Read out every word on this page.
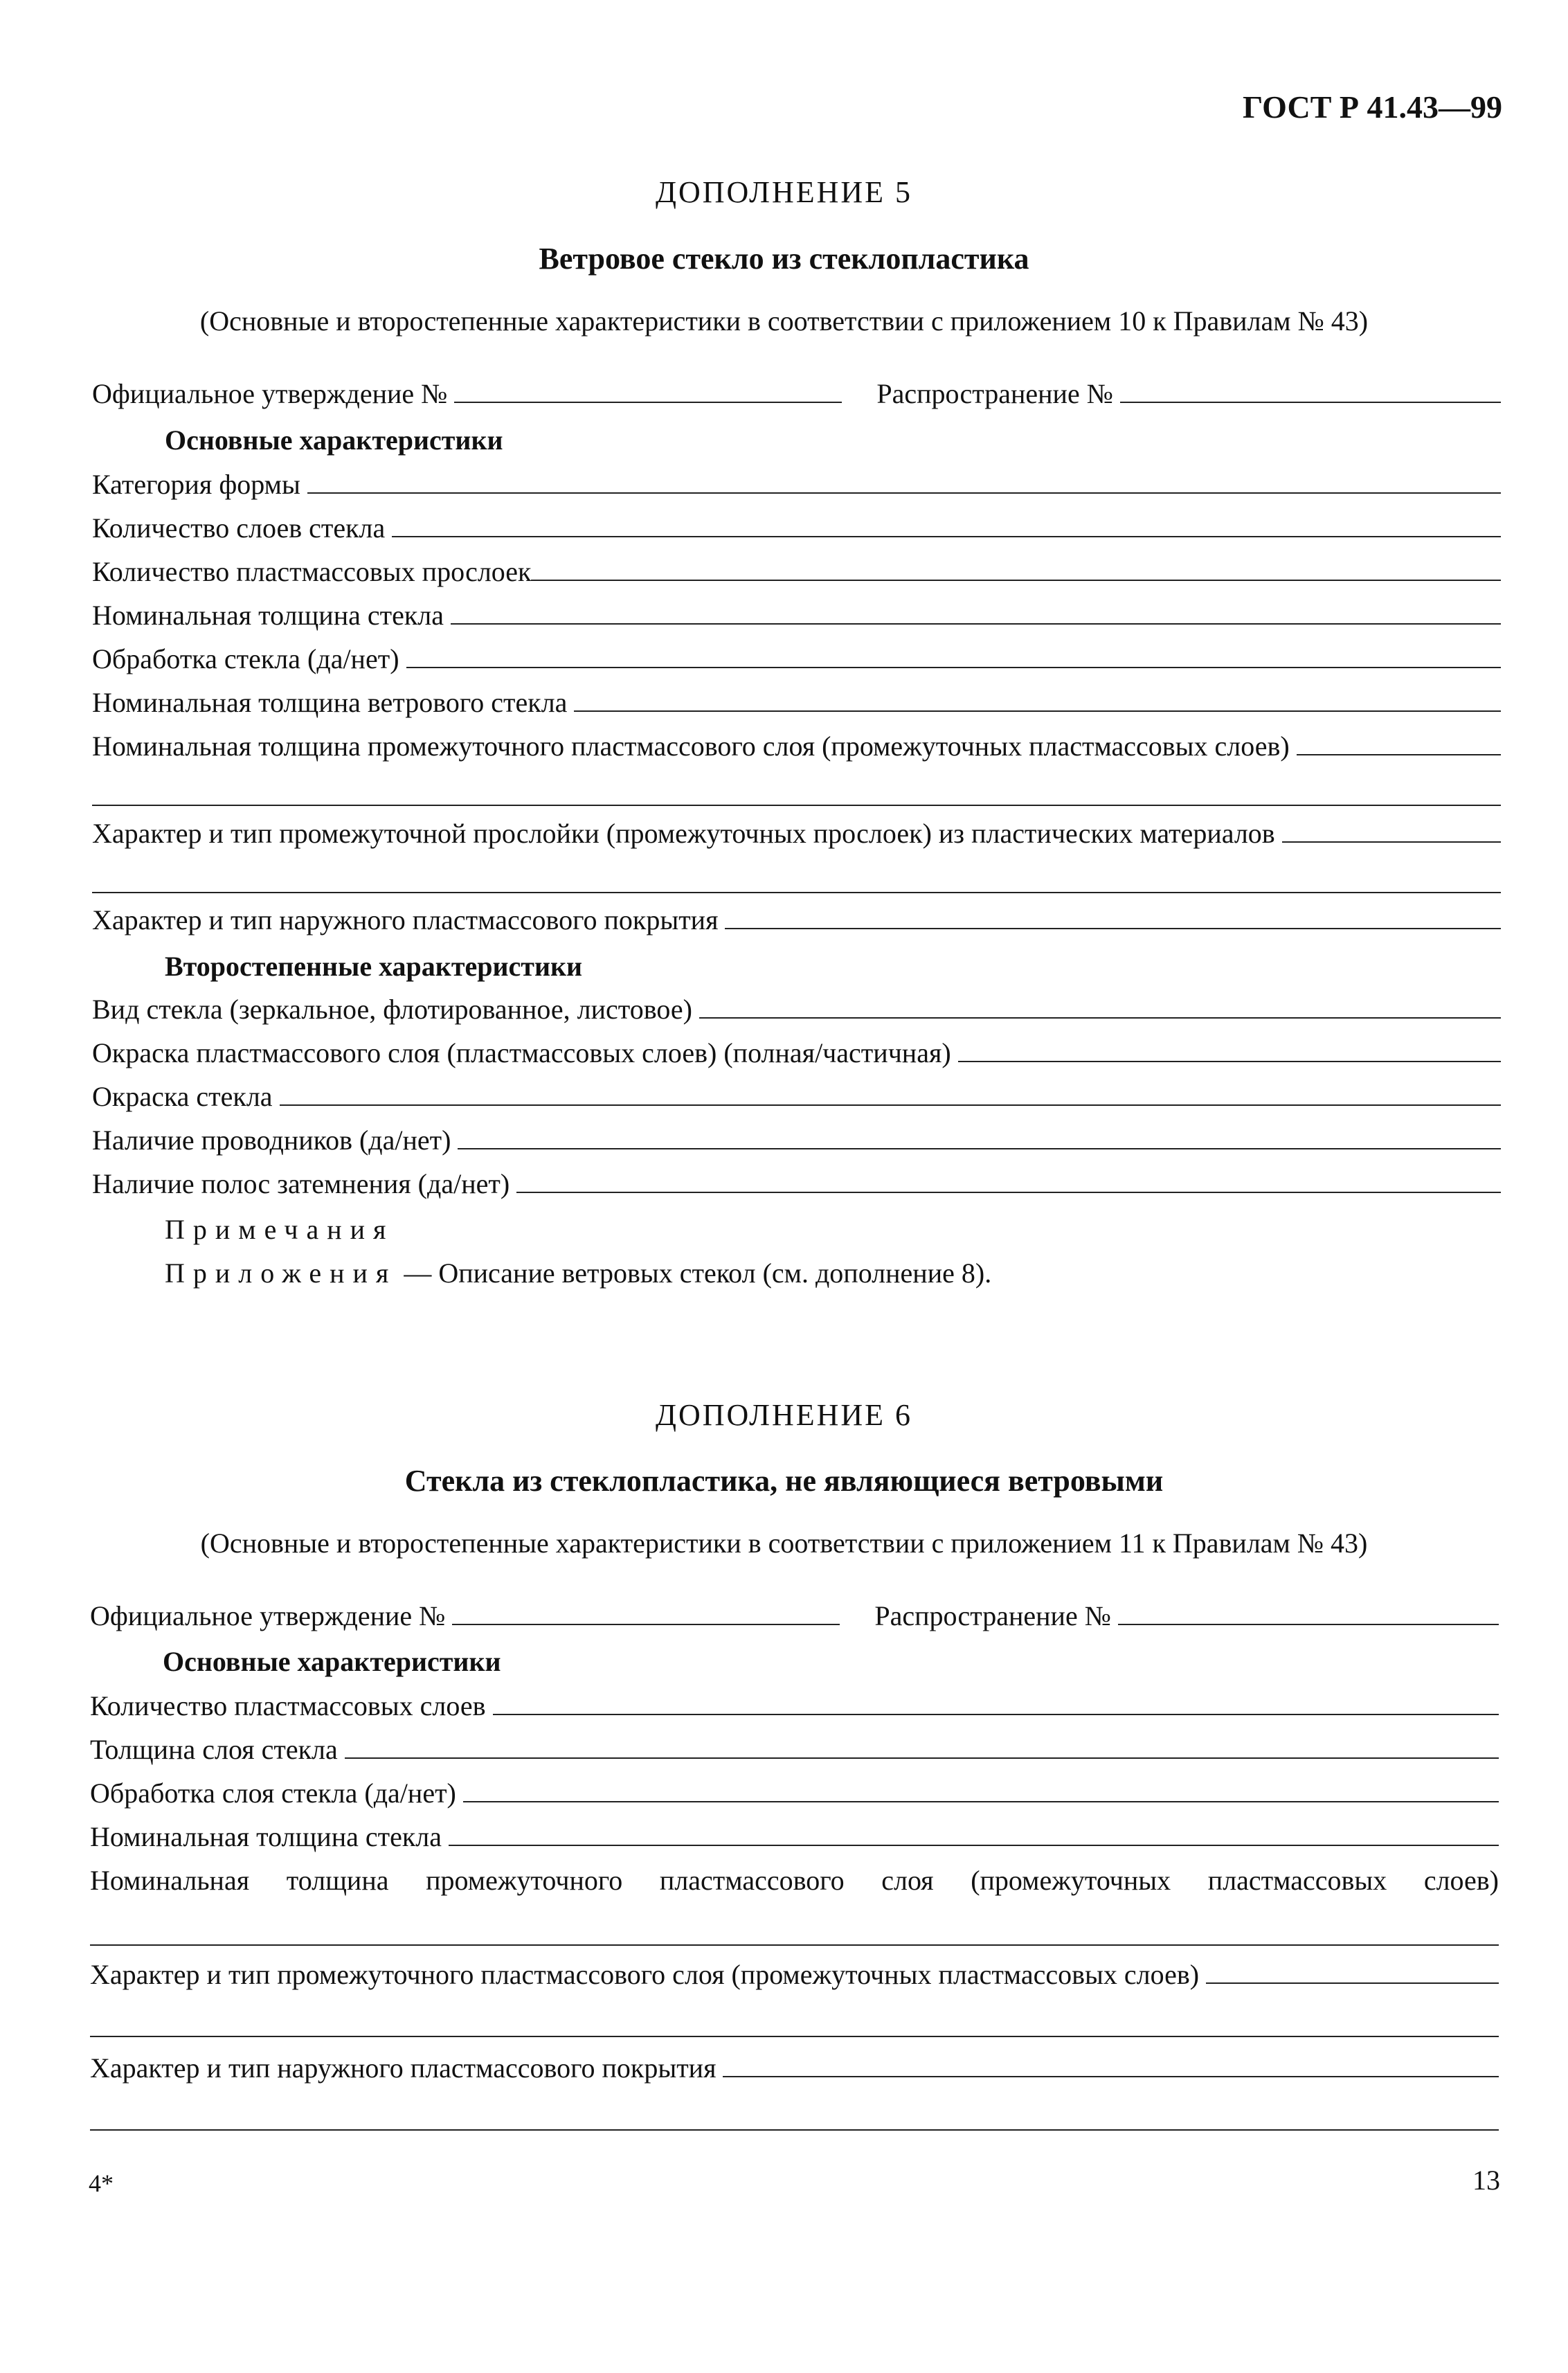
ГОСТ Р 41.43—99
ДОПОЛНЕНИЕ 5
Ветровое стекло из стеклопластика
(Основные и второстепенные характеристики в соответствии с приложением 10 к Правилам № 43)
Официальное утверждение №	Распространение №
Основные характеристики
Категория формы
Количество слоев стекла
Количество пластмассовых прослоек
Номинальная толщина стекла
Обработка стекла (да/нет)
Номинальная толщина ветрового стекла
Номинальная толщина промежуточного пластмассового слоя (промежуточных пластмассовых слоев)
Характер и тип промежуточной прослойки (промежуточных прослоек) из пластических материалов
Характер и тип наружного пластмассового покрытия
Второстепенные характеристики
Вид стекла (зеркальное, флотированное, листовое)
Окраска пластмассового слоя (пластмассовых слоев) (полная/частичная)
Окраска стекла
Наличие проводников (да/нет)
Наличие полос затемнения (да/нет)
Примечания
Приложения — Описание ветровых стекол (см. дополнение 8).
ДОПОЛНЕНИЕ 6
Стекла из стеклопластика, не являющиеся ветровыми
(Основные и второстепенные характеристики в соответствии с приложением 11 к Правилам № 43)
Официальное утверждение №	Распространение №
Основные характеристики
Количество пластмассовых слоев
Толщина слоя стекла
Обработка слоя стекла (да/нет)
Номинальная толщина стекла
Номинальная толщина промежуточного пластмассового слоя (промежуточных пластмассовых слоев)
Характер и тип промежуточного пластмассового слоя (промежуточных пластмассовых слоев)
Характер и тип наружного пластмассового покрытия
4*	13
